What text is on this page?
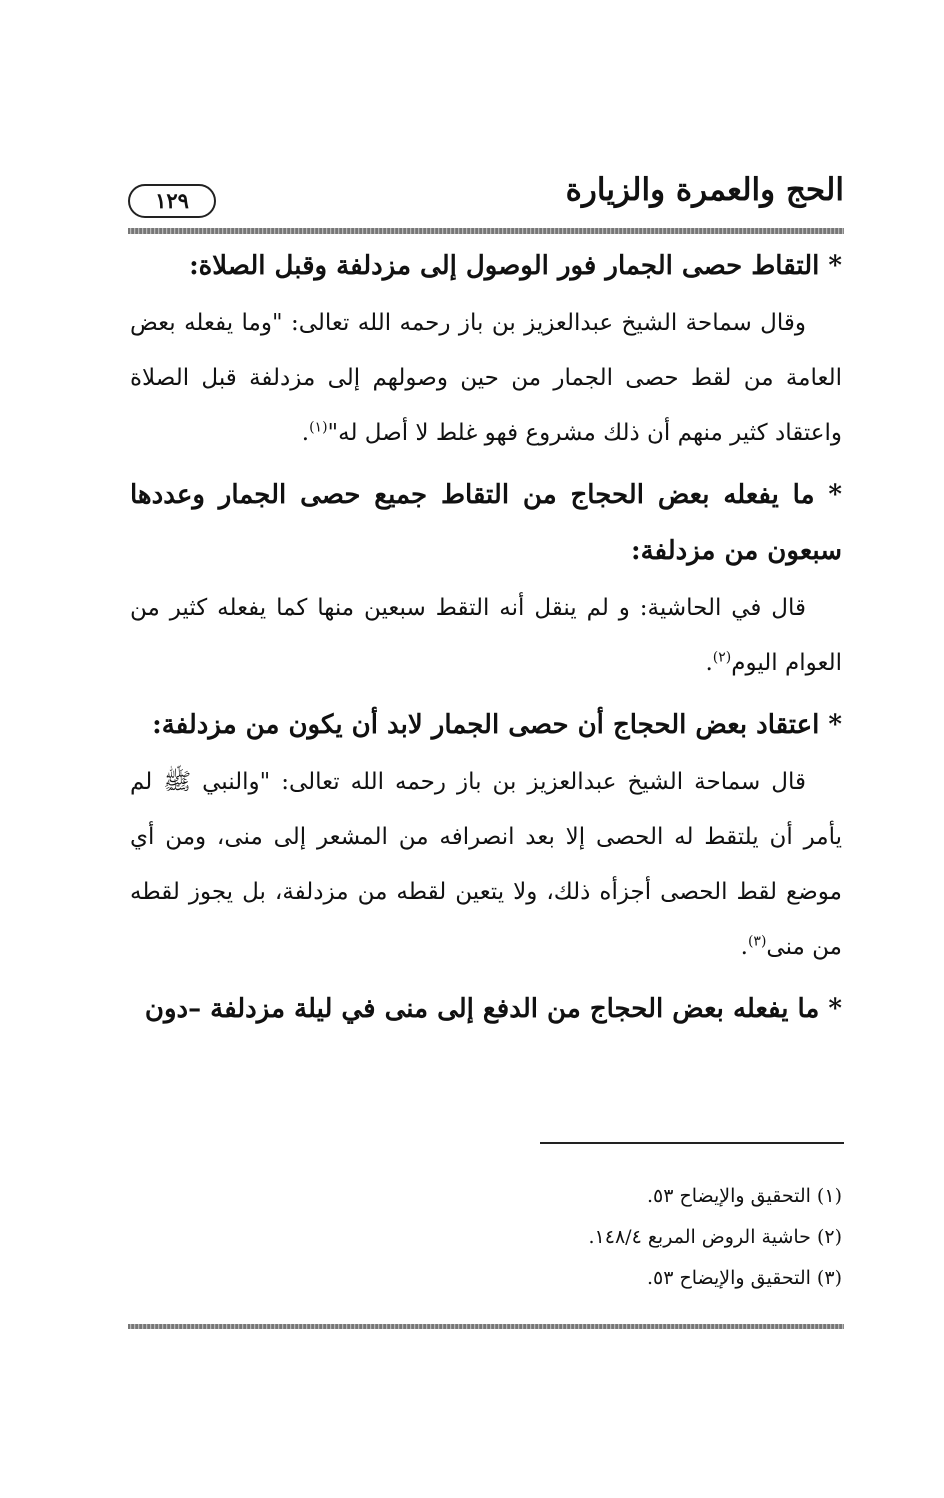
الحج والعمرة والزيارة
١٢٩

* التقاط حصى الجمار فور الوصول إلى مزدلفة وقبل الصلاة:

وقال سماحة الشيخ عبدالعزيز بن باز رحمه الله تعالى: "وما يفعله بعض العامة من لقط حصى الجمار من حين وصولهم إلى مزدلفة قبل الصلاة واعتقاد كثير منهم أن ذلك مشروع فهو غلط لا أصل له"$^{(١)}$.

* ما يفعله بعض الحجاج من التقاط جميع حصى الجمار وعددها سبعون من مزدلفة:

قال في الحاشية: و لم ينقل أنه التقط سبعين منها كما يفعله كثير من العوام اليوم$^{(٢)}$.

* اعتقاد بعض الحجاج أن حصى الجمار لابد أن يكون من مزدلفة:

قال سماحة الشيخ عبدالعزيز بن باز رحمه الله تعالى: "والنبي ﷺ لم يأمر أن يلتقط له الحصى إلا بعد انصرافه من المشعر إلى منى، ومن أي موضع لقط الحصى أجزأه ذلك، ولا يتعين لقطه من مزدلفة، بل يجوز لقطه من منى$^{(٣)}$.

* ما يفعله بعض الحجاج من الدفع إلى منى في ليلة مزدلفة –دون

(١) التحقيق والإيضاح ٥٣.
(٢) حاشية الروض المربع ١٤٨/٤.
(٣) التحقيق والإيضاح ٥٣.
